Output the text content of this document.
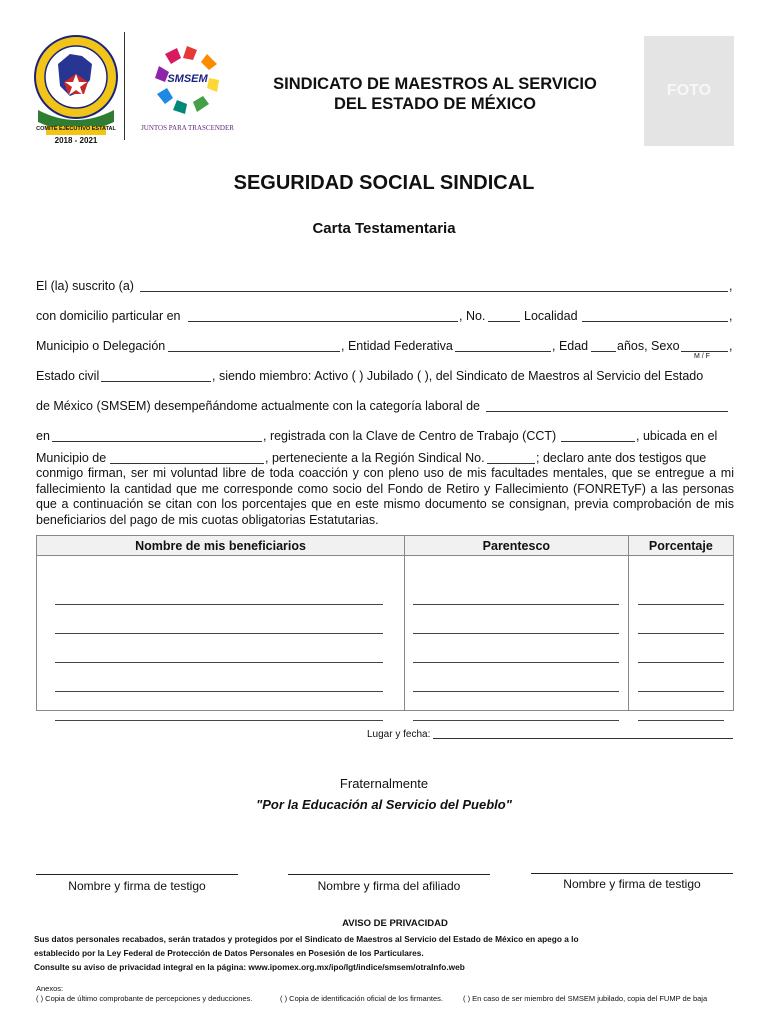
COMITÉ EJECUTIVO ESTATAL
2018 - 2021
SMSEM
JUNTOS PARA TRASCENDER
SINDICATO DE MAESTROS AL SERVICIO
DEL ESTADO DE MÉXICO
FOTO
SEGURIDAD SOCIAL SINDICAL
Carta Testamentaria
El (la) suscrito (a)	,
con domicilio particular en	, No.	Localidad	,
Municipio o Delegación	, Entidad Federativa	, Edad años, Sexo	,
M / F
Estado civil	, siendo miembro: Activo ( ) Jubilado ( ), del Sindicato de Maestros al Servicio del Estado
de México (SMSEM) desempeñándome actualmente con la categoría laboral de
en	, registrada con la Clave de Centro de Trabajo (CCT)	, ubicada en el
Municipio de	, perteneciente a la Región Sindical No.	; declaro ante dos testigos que
conmigo firman, ser mi voluntad libre de toda coacción y con pleno uso de mis facultades mentales, que se entregue a mi fallecimiento la cantidad que me corresponde como socio del Fondo de Retiro y Fallecimiento (FONRETyF) a las personas que a continuación se citan con los porcentajes que en este mismo documento se consignan, previa comprobación de mis beneficiarios del pago de mis cuotas obligatorias Estatutarias.
Nombre de mis beneficiarios	Parentesco	Porcentaje

Lugar y fecha:
Fraternalmente
"Por la Educación al Servicio del Pueblo"
Nombre y firma de testigo	Nombre y firma del afiliado	Nombre y firma de testigo
AVISO DE PRIVACIDAD
Sus datos personales recabados, serán tratados y protegidos por el Sindicato de Maestros al Servicio del Estado de México en apego a lo
establecido por la Ley Federal de Protección de Datos Personales en Posesión de los Particulares.
Consulte su aviso de privacidad integral en la página: www.ipomex.org.mx/ipo/lgt/indice/smsem/otraInfo.web
Anexos:
( ) Copia de último comprobante de percepciones y deducciones.	( ) Copia de identificación oficial de los firmantes.	( ) En caso de ser miembro del SMSEM jubilado, copia del FUMP de baja
